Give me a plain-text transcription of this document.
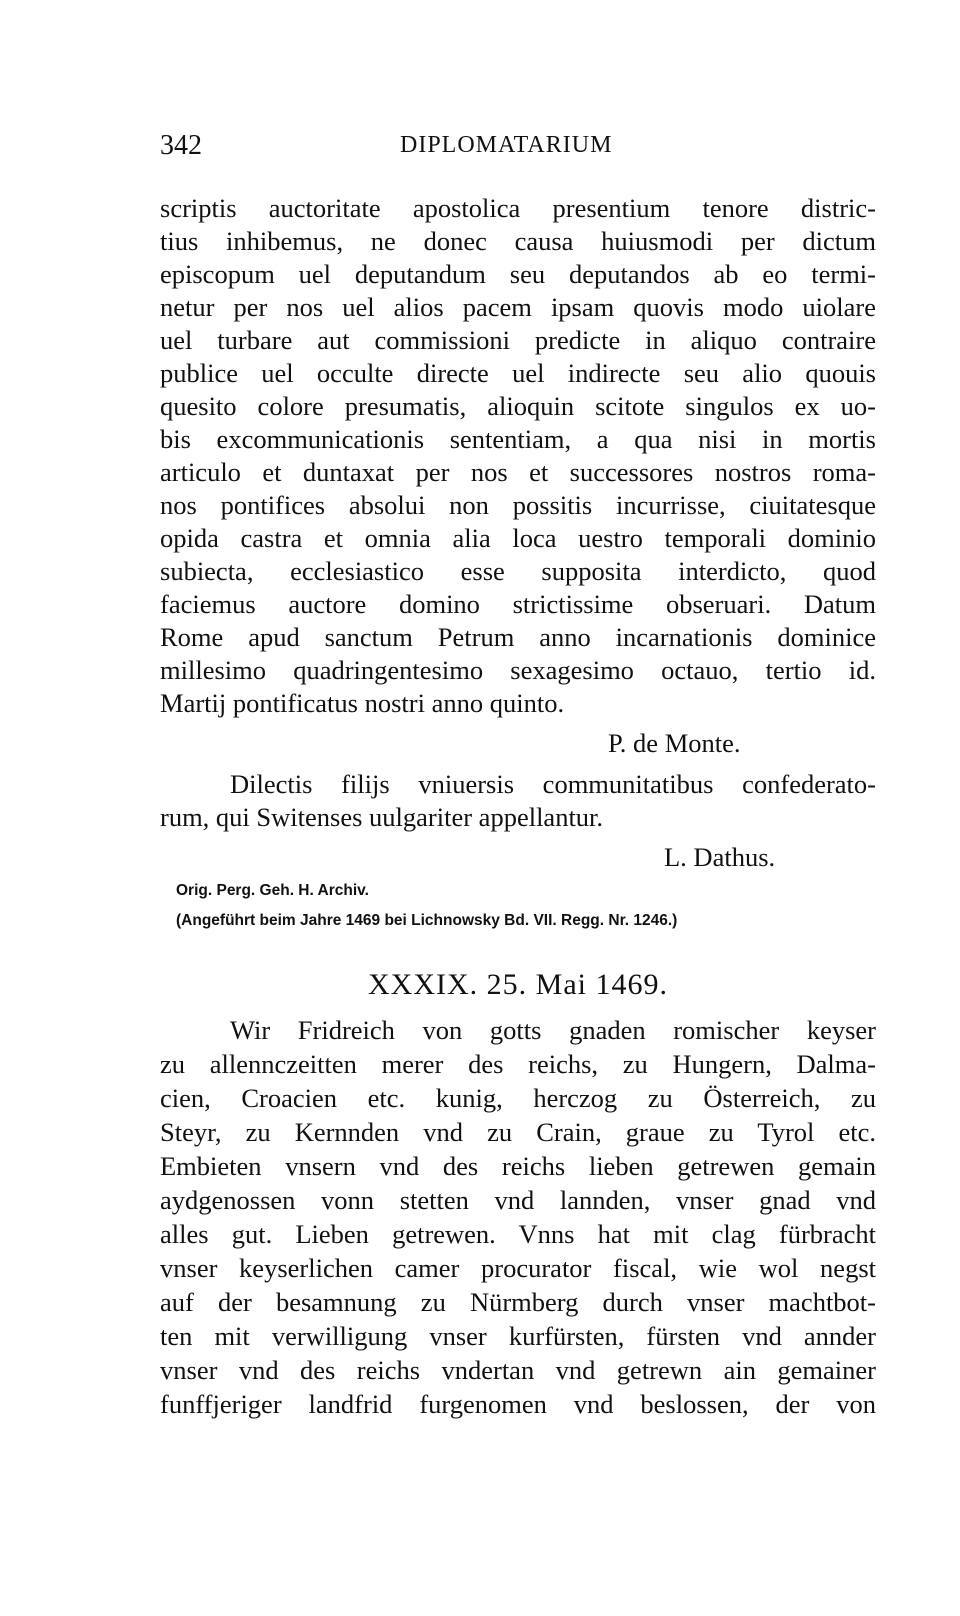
342	DIPLOMATARIUM
scriptis auctoritate apostolica presentium tenore distric-
tius inhibemus, ne donec causa huiusmodi per dictum
episcopum uel deputandum seu deputandos ab eo termi-
netur per nos uel alios pacem ipsam quovis modo uiolare
uel turbare aut commissioni predicte in aliquo contraire
publice uel occulte directe uel indirecte seu alio quouis
quesito colore presumatis, alioquin scitote singulos ex uo-
bis excommunicationis sententiam, a qua nisi in mortis
articulo et duntaxat per nos et successores nostros roma-
nos pontifices absolui non possitis incurrisse, ciuitatesque
opida castra et omnia alia loca uestro temporali dominio
subiecta, ecclesiastico esse supposita interdicto, quod
faciemus auctore domino strictissime obseruari. Datum
Rome apud sanctum Petrum anno incarnationis dominice
millesimo quadringentesimo sexagesimo octauo, tertio id.
Martij pontificatus nostri anno quinto.
P. de Monte.
Dilectis filijs vniuersis communitatibus confederato-
rum, qui Switenses uulgariter appellantur.
L. Dathus.
Orig. Perg. Geh. H. Archiv.
(Angeführt beim Jahre 1469 bei Lichnowsky Bd. VII. Regg. Nr. 1246.)
XXXIX. 25. Mai 1469.
Wir Fridreich von gotts gnaden romischer keyser
zu allennczeitten merer des reichs, zu Hungern, Dalma-
cien, Croacien etc. kunig, herczog zu Österreich, zu
Steyr, zu Kernnden vnd zu Crain, graue zu Tyrol etc.
Embieten vnsern vnd des reichs lieben getrewen gemain
aydgenossen vonn stetten vnd lannden, vnser gnad vnd
alles gut. Lieben getrewen. Vnns hat mit clag fürbracht
vnser keyserlichen camer procurator fiscal, wie wol negst
auf der besamnung zu Nürmberg durch vnser machtbot-
ten mit verwilligung vnser kurfürsten, fürsten vnd annder
vnser vnd des reichs vndertan vnd getrewn ain gemainer
funffjeriger landfrid furgenomen vnd beslossen, der von
